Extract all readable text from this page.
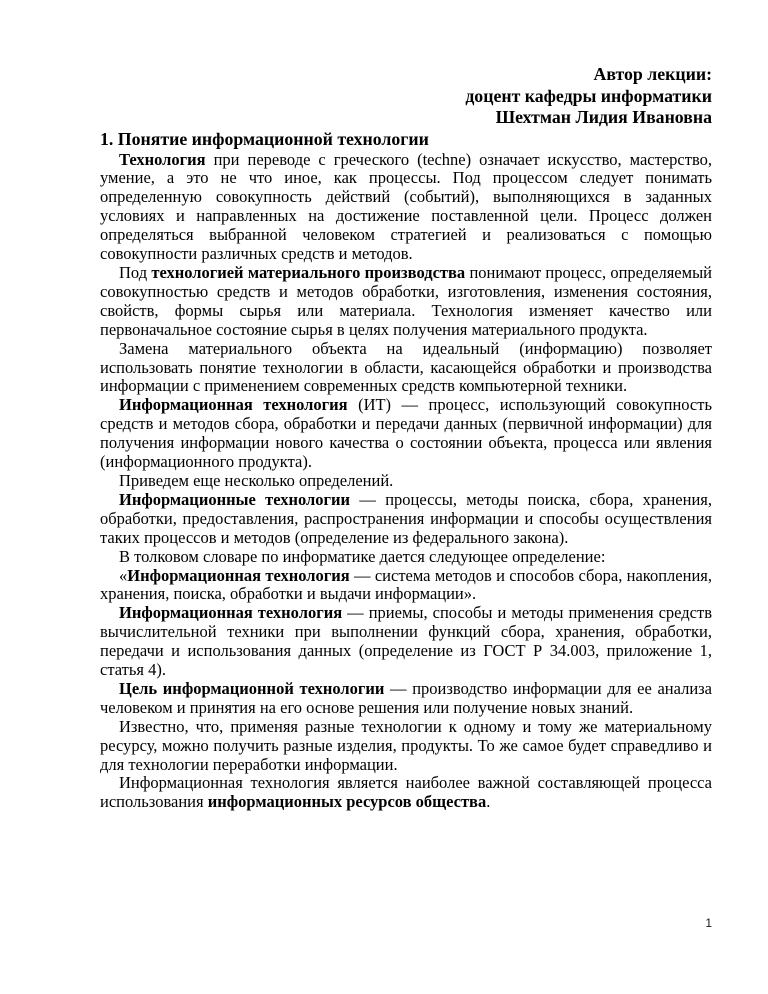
Автор лекции:
доцент кафедры информатики
Шехтман Лидия Ивановна
1. Понятие информационной технологии

Технология при переводе с греческого (techne) означает искусство, мастерство, умение, а это не что иное, как процессы. Под процессом следует понимать определенную совокупность действий (событий), выполняющихся в заданных условиях и направленных на достижение поставленной цели. Процесс должен определяться выбранной человеком стратегией и реализоваться с помощью совокупности различных средств и методов.

Под технологией материального производства понимают процесс, определяемый совокупностью средств и методов обработки, изготовления, изменения состояния, свойств, формы сырья или материала. Технология изменяет качество или первоначальное состояние сырья в целях получения материального продукта.

Замена материального объекта на идеальный (информацию) позволяет использовать понятие технологии в области, касающейся обработки и производства информации с применением современных средств компьютерной техники.

Информационная технология (ИТ) — процесс, использующий совокупность средств и методов сбора, обработки и передачи данных (первичной информации) для получения информации нового качества о состоянии объекта, процесса или явления (информационного продукта).

Приведем еще несколько определений.

Информационные технологии — процессы, методы поиска, сбора, хранения, обработки, предоставления, распространения информации и способы осуществления таких процессов и методов (определение из федерального закона).

В толковом словаре по информатике дается следующее определение:

«Информационная технология — система методов и способов сбора, накопления, хранения, поиска, обработки и выдачи информации».

Информационная технология — приемы, способы и методы применения средств вычислительной техники при выполнении функций сбора, хранения, обработки, передачи и использования данных (определение из ГОСТ Р 34.003, приложение 1, статья 4).

Цель информационной технологии — производство информации для ее анализа человеком и принятия на его основе решения или получение новых знаний.

Известно, что, применяя разные технологии к одному и тому же материальному ресурсу, можно получить разные изделия, продукты. То же самое будет справедливо и для технологии переработки информации.

Информационная технология является наиболее важной составляющей процесса использования информационных ресурсов общества.

1
